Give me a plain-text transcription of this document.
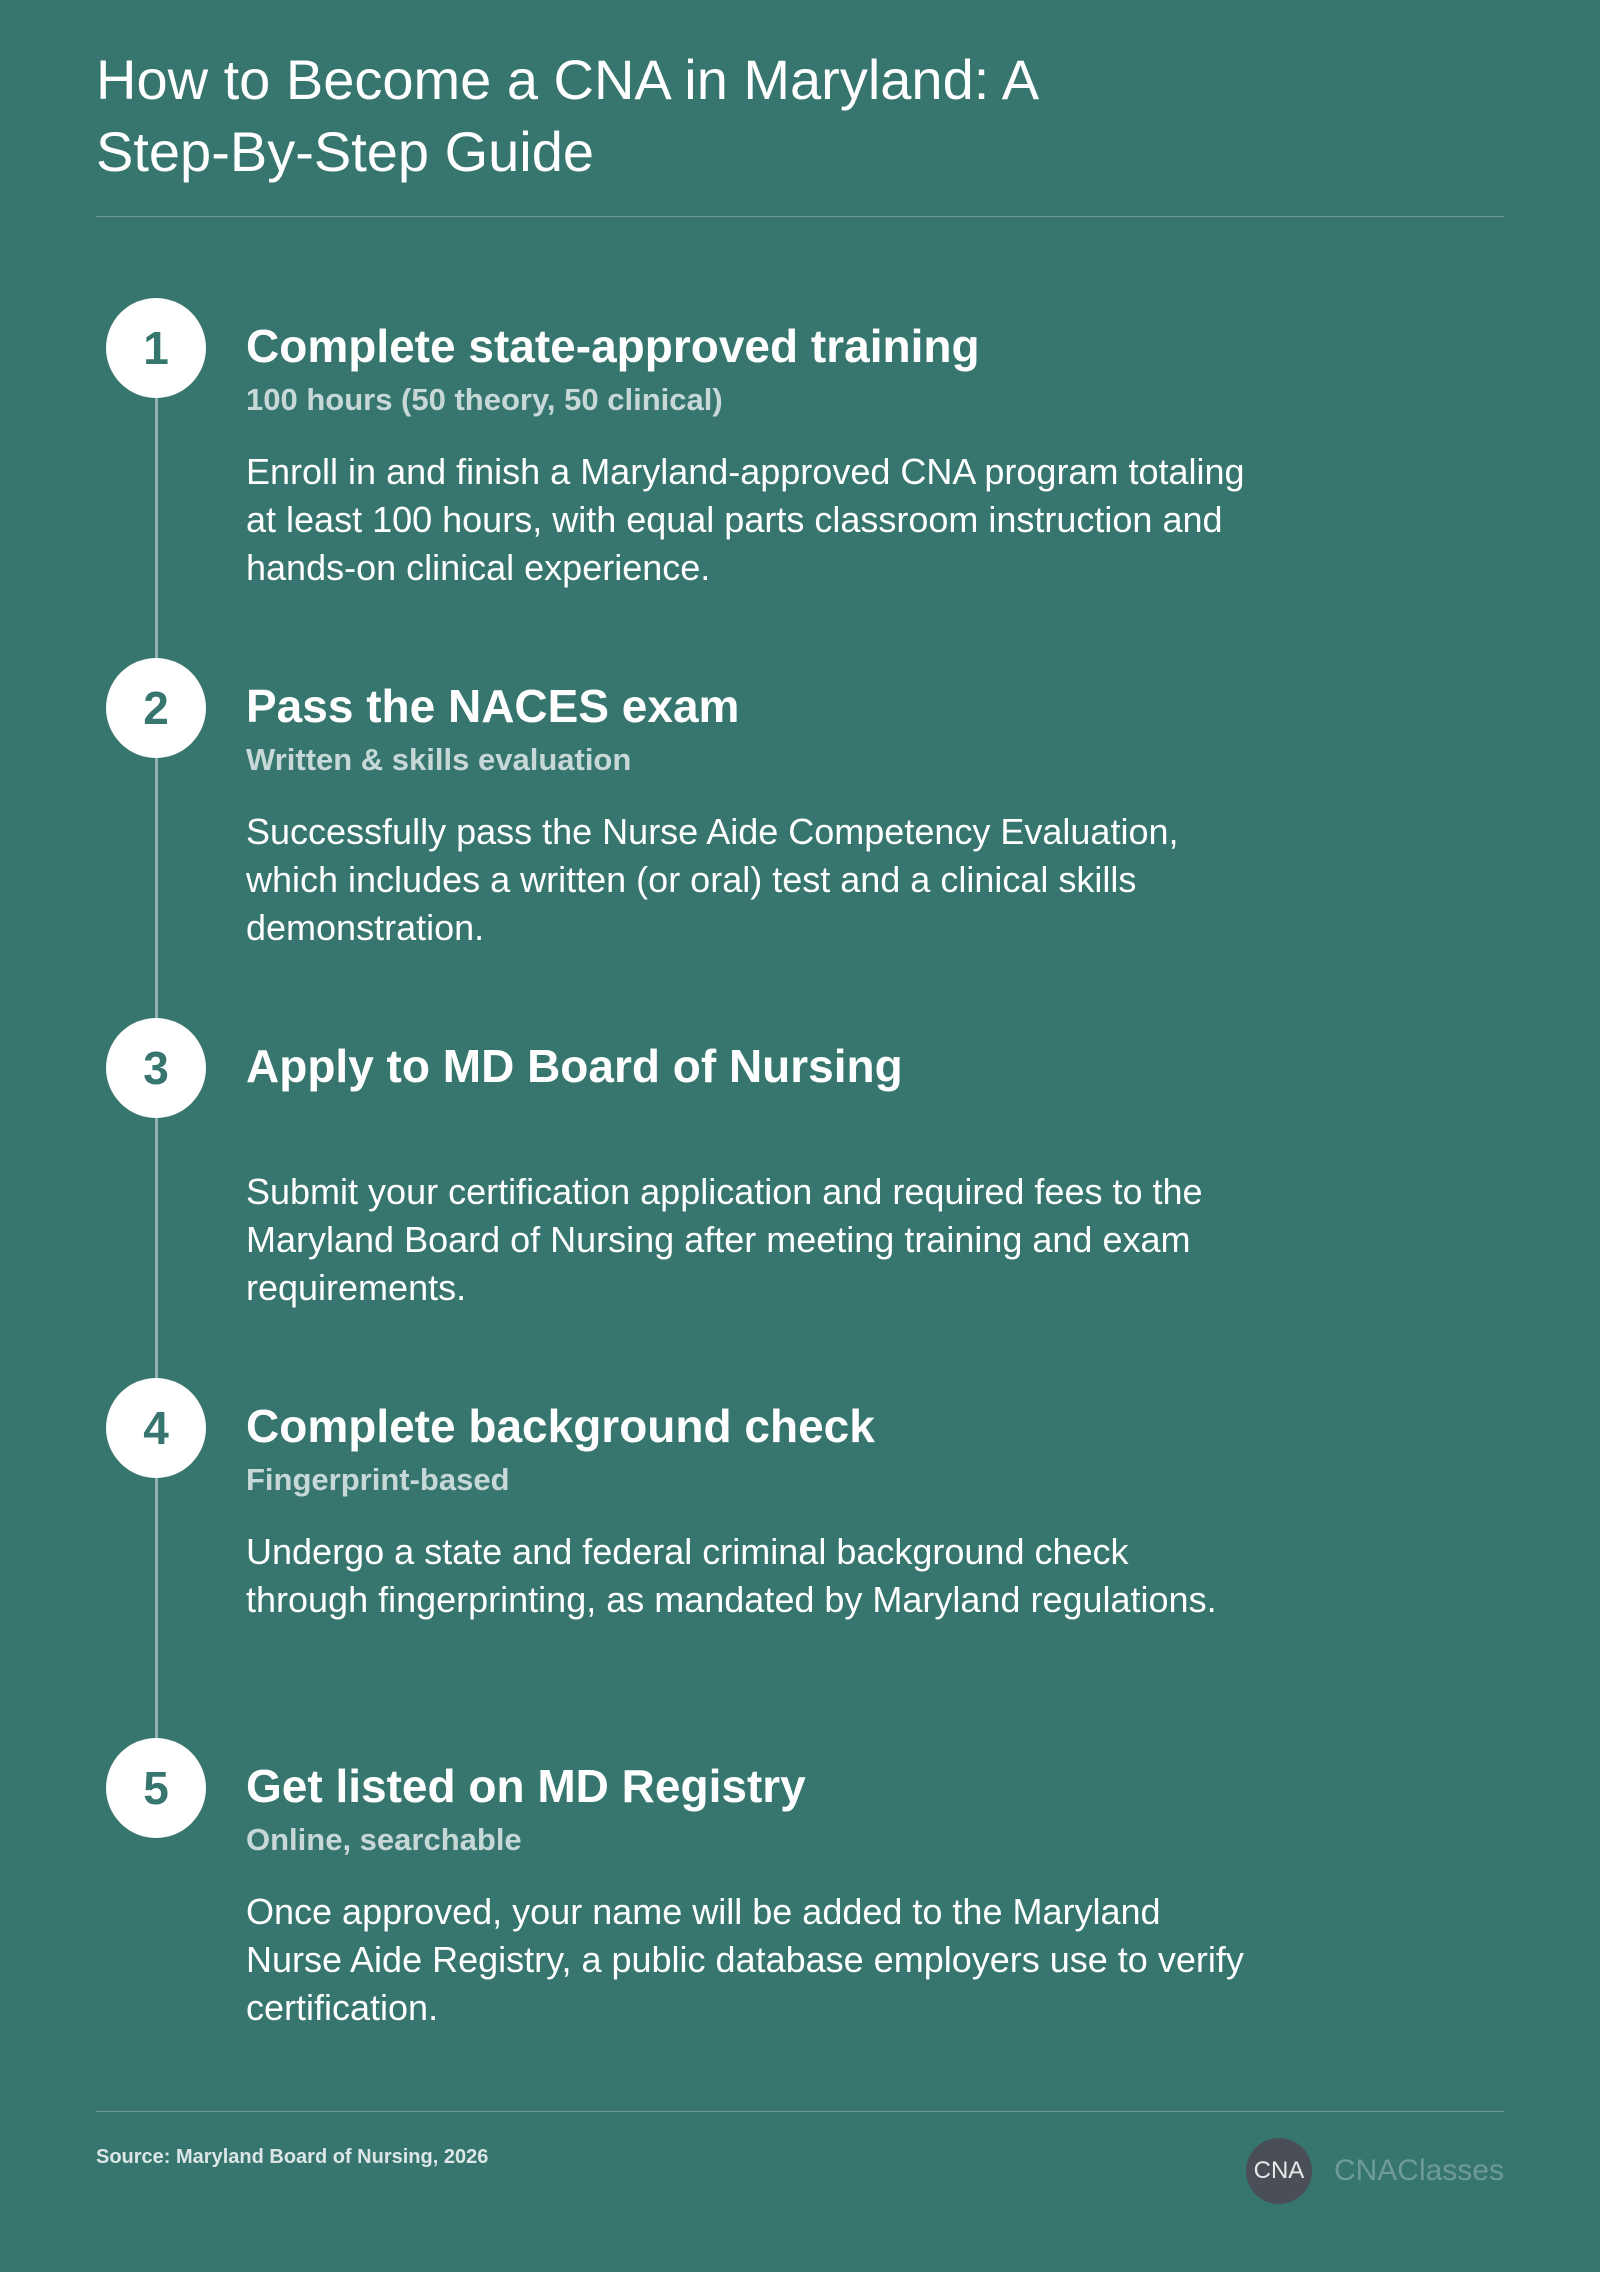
How to Become a CNA in Maryland: A Step-By-Step Guide
1	Complete state-approved training
100 hours (50 theory, 50 clinical)
Enroll in and finish a Maryland-approved CNA program totaling at least 100 hours, with equal parts classroom instruction and hands-on clinical experience.
2	Pass the NACES exam
Written & skills evaluation
Successfully pass the Nurse Aide Competency Evaluation, which includes a written (or oral) test and a clinical skills demonstration.
3	Apply to MD Board of Nursing
Submit your certification application and required fees to the Maryland Board of Nursing after meeting training and exam requirements.
4	Complete background check
Fingerprint-based
Undergo a state and federal criminal background check through fingerprinting, as mandated by Maryland regulations.
5	Get listed on MD Registry
Online, searchable
Once approved, your name will be added to the Maryland Nurse Aide Registry, a public database employers use to verify certification.
Source: Maryland Board of Nursing, 2026	CNA CNAClasses
